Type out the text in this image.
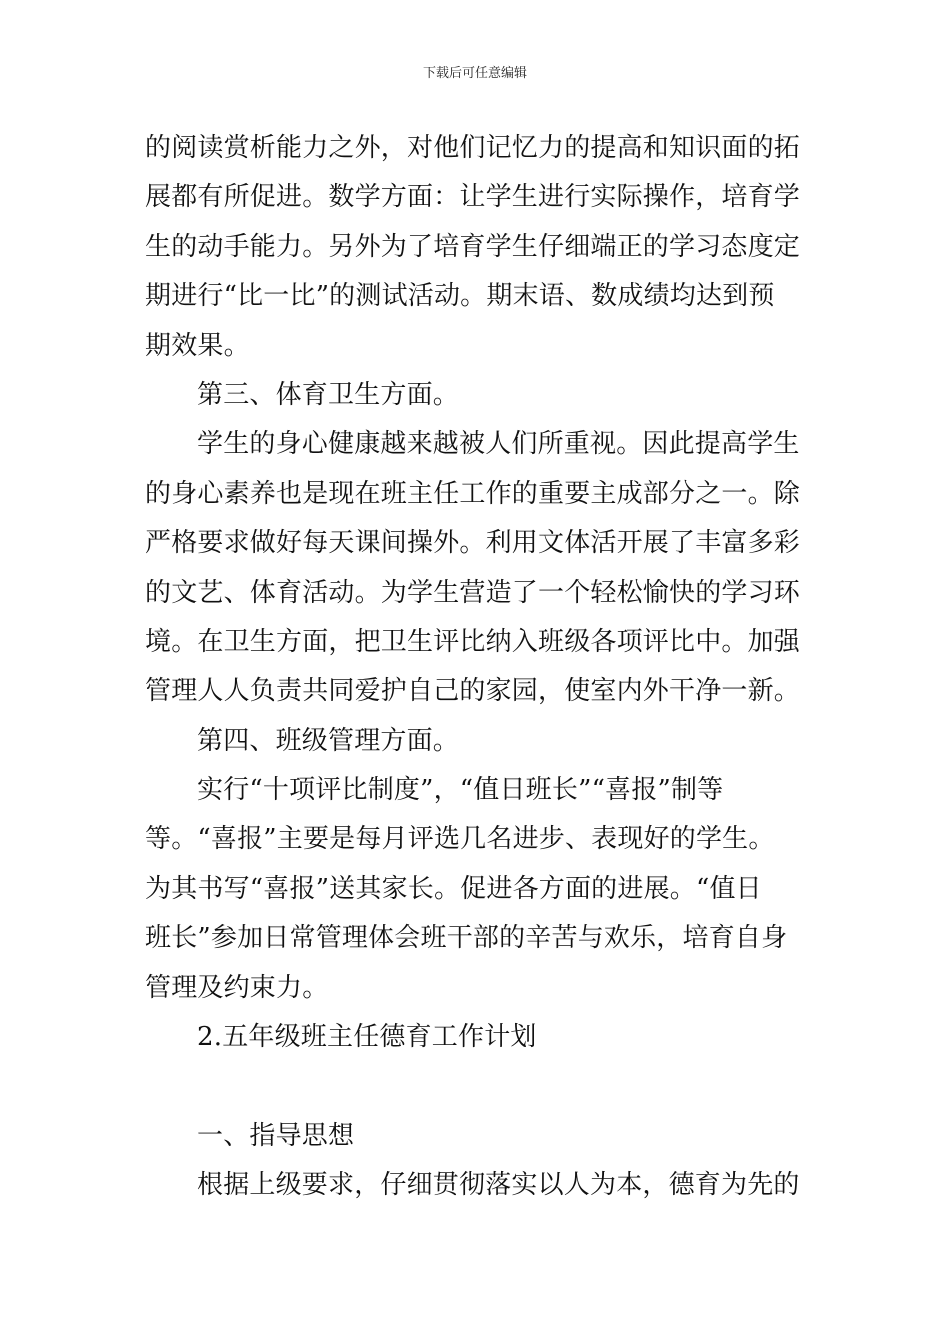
下载后可任意编辑
的阅读赏析能力之外，对他们记忆力的提高和知识面的拓
展都有所促进。数学方面：让学生进行实际操作，培育学
生的动手能力。另外为了培育学生仔细端正的学习态度定
期进行“比一比”的测试活动。期末语、数成绩均达到预
期效果。
第三、体育卫生方面。
学生的身心健康越来越被人们所重视。因此提高学生
的身心素养也是现在班主任工作的重要主成部分之一。除
严格要求做好每天课间操外。利用文体活开展了丰富多彩
的文艺、体育活动。为学生营造了一个轻松愉快的学习环
境。在卫生方面，把卫生评比纳入班级各项评比中。加强
管理人人负责共同爱护自己的家园，使室内外干净一新。
第四、班级管理方面。
实行“十项评比制度”，“值日班长”“喜报”制等
等。“喜报”主要是每月评选几名进步、表现好的学生。
为其书写“喜报”送其家长。促进各方面的进展。“值日
班长”参加日常管理体会班干部的辛苦与欢乐，培育自身
管理及约束力。
2.五年级班主任德育工作计划
一、指导思想
根据上级要求，仔细贯彻落实以人为本，德育为先的
